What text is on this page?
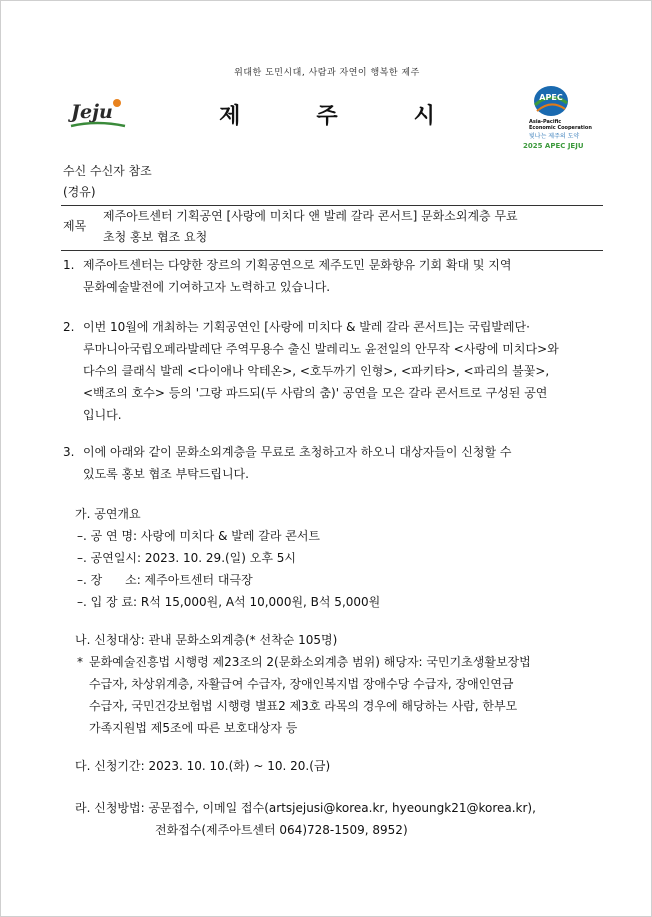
위대한 도민시대, 사람과 자연이 행복한 제주
Jeju	제	주	시
APEC
Asia-Pacific
Economic Cooperation
빛나는 제주의 도약
2025 APEC JEJU
수신 수신자 참조
(경유)
제목
제주아트센터 기획공연 [사랑에 미치다 앤 발레 갈라 콘서트] 문화소외계층 무료
초청 홍보 협조 요청
1. 제주아트센터는 다양한 장르의 기획공연으로 제주도민 문화향유 기회 확대 및 지역
문화예술발전에 기여하고자 노력하고 있습니다.
2. 이번 10월에 개최하는 기획공연인 [사랑에 미치다 & 발레 갈라 콘서트]는 국립발레단·
루마니아국립오페라발레단 주역무용수 출신 발레리노 윤전일의 안무작 <사랑에 미치다>와
다수의 클래식 발레 <다이애나 악테온>, <호두까기 인형>, <파키타>, <파리의 불꽃>,
<백조의 호수> 등의 '그랑 파드되(두 사람의 춤)' 공연을 모은 갈라 콘서트로 구성된 공연
입니다.
3. 이에 아래와 같이 문화소외계층을 무료로 초청하고자 하오니 대상자들이 신청할 수
있도록 홍보 협조 부탁드립니다.
가. 공연개요
–. 공 연 명: 사랑에 미치다 & 발레 갈라 콘서트
–. 공연일시: 2023. 10. 29.(일) 오후 5시
–. 장      소: 제주아트센터 대극장
–. 입 장 료: R석 15,000원, A석 10,000원, B석 5,000원
나. 신청대상: 관내 문화소외계층(* 선착순 105명)
* 문화예술진흥법 시행령 제23조의 2(문화소외계층 범위) 해당자: 국민기초생활보장법
수급자, 차상위계층, 자활급여 수급자, 장애인복지법 장애수당 수급자, 장애인연금
수급자, 국민건강보험법 시행령 별표2 제3호 라목의 경우에 해당하는 사람, 한부모
가족지원법 제5조에 따른 보호대상자 등
다. 신청기간: 2023. 10. 10.(화) ~ 10. 20.(금)
라. 신청방법: 공문접수, 이메일 접수(artsjejusi@korea.kr, hyeoungk21@korea.kr),
전화접수(제주아트센터 064)728-1509, 8952)
